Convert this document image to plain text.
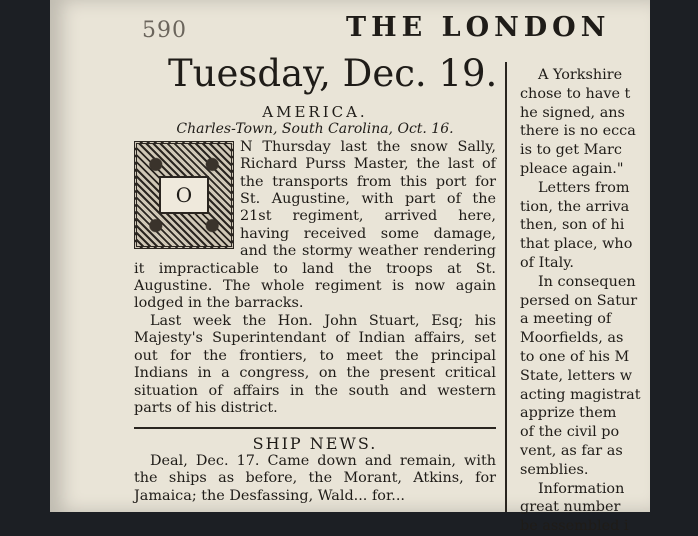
590	THE LONDON
Tuesday, Dec. 19.

AMERICA.

Charles-Town, South Carolina, Oct. 16.

O

N Thursday last the snow Sally, Richard Purss Master, the last of the transports from this port for St. Augustine, with part of the 21st regiment, arrived here, having received some damage, and the stormy weather rendering it impracticable to land the troops at St. Augustine. The whole regiment is now again lodged in the barracks.

Last week the Hon. John Stuart, Esq; his Majesty's Superintendant of Indian affairs, set out for the frontiers, to meet the principal Indians in a congress, on the present critical situation of affairs in the south and western parts of his district.

SHIP NEWS.

Deal, Dec. 17. Came down and remain, with the ships as before, the Morant, Atkins, for Jamaica; the Desfassing, Wald... for...

A Yorkshire

chose to have t

he signed, ans

there is no ecca

is to get Marc

pleace again."

Letters from

tion, the arriva

then, son of hi

that place, who

of Italy.

In consequen

persed on Satur

a meeting of

Moorfields, as

to one of his M

State, letters w

acting magistrat

apprize them

of the civil po

vent, as far as

semblies.

Information

great number

be assembled i
